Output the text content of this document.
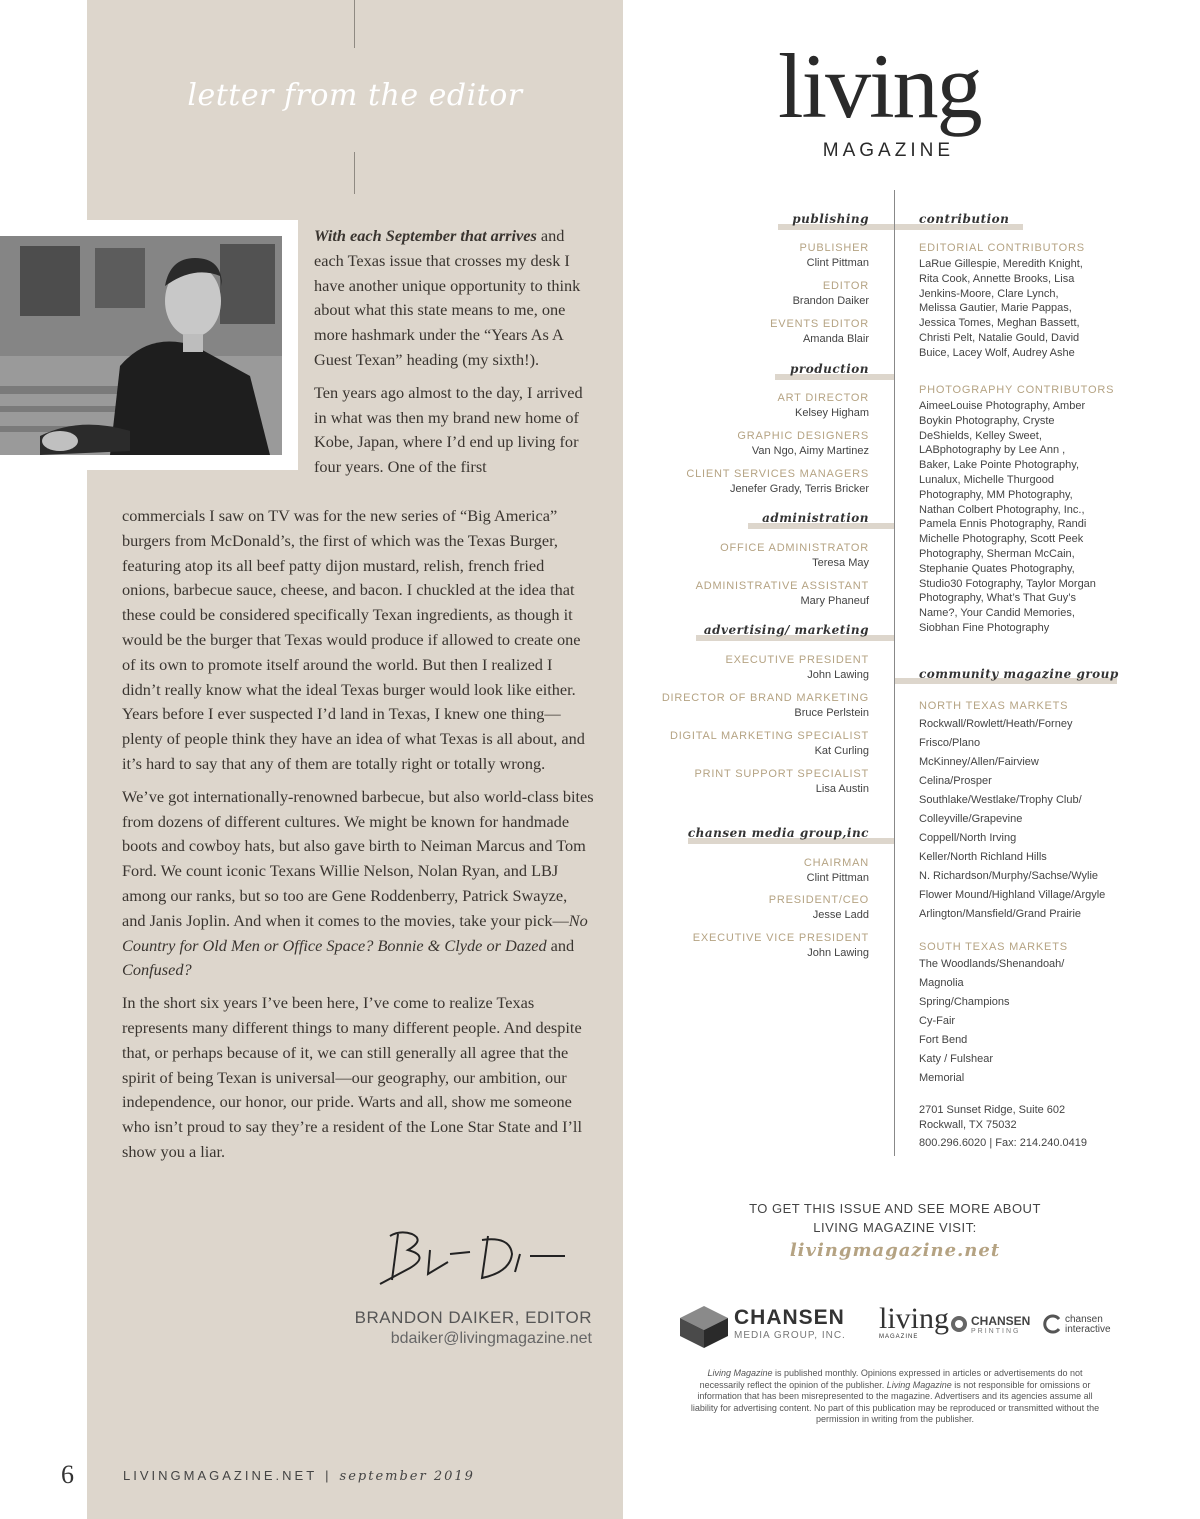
letter from the editor

With each September that arrives and each Texas issue that crosses my desk I have another unique opportunity to think about what this state means to me, one more hashmark under the “Years As A Guest Texan” heading (my sixth!).

Ten years ago almost to the day, I arrived in what was then my brand new home of Kobe, Japan, where I’d end up living for four years. One of the first

commercials I saw on TV was for the new series of “Big America” burgers from McDonald’s, the first of which was the Texas Burger, featuring atop its all beef patty dijon mustard, relish, french fried onions, barbecue sauce, cheese, and bacon. I chuckled at the idea that these could be considered specifically Texan ingredients, as though it would be the burger that Texas would produce if allowed to create one of its own to promote itself around the world. But then I realized I didn’t really know what the ideal Texas burger would look like either. Years before I ever suspected I’d land in Texas, I knew one thing—plenty of people think they have an idea of what Texas is all about, and it’s hard to say that any of them are totally right or totally wrong.

We’ve got internationally-renowned barbecue, but also world-class bites from dozens of different cultures. We might be known for handmade boots and cowboy hats, but also gave birth to Neiman Marcus and Tom Ford. We count iconic Texans Willie Nelson, Nolan Ryan, and LBJ among our ranks, but so too are Gene Roddenberry, Patrick Swayze, and Janis Joplin. And when it comes to the movies, take your pick—No Country for Old Men or Office Space? Bonnie & Clyde or Dazed and Confused?

In the short six years I’ve been here, I’ve come to realize Texas represents many different things to many different people. And despite that, or perhaps because of it, we can still generally all agree that the spirit of being Texan is universal—our geography, our ambition, our independence, our honor, our pride. Warts and all, show me someone who isn’t proud to say they’re a resident of the Lone Star State and I’ll show you a liar.

BRANDON DAIKER, EDITOR
bdaiker@livingmagazine.net
6	LIVINGMAGAZINE.NET | september 2019
living
MAGAZINE
publishing
PUBLISHER
Clint Pittman
EDITOR
Brandon Daiker
EVENTS EDITOR
Amanda Blair
production
ART DIRECTOR
Kelsey Higham
GRAPHIC DESIGNERS
Van Ngo, Aimy Martinez
CLIENT SERVICES MANAGERS
Jenefer Grady, Terris Bricker
administration
OFFICE ADMINISTRATOR
Teresa May
ADMINISTRATIVE ASSISTANT
Mary Phaneuf
advertising/ marketing
EXECUTIVE PRESIDENT
John Lawing
DIRECTOR OF BRAND MARKETING
Bruce Perlstein
DIGITAL MARKETING SPECIALIST
Kat Curling
PRINT SUPPORT SPECIALIST
Lisa Austin
chansen media group,inc
CHAIRMAN
Clint Pittman
PRESIDENT/CEO
Jesse Ladd
EXECUTIVE VICE PRESIDENT
John Lawing
contribution
EDITORIAL CONTRIBUTORS
LaRue Gillespie, Meredith Knight, Rita Cook, Annette Brooks, Lisa Jenkins-Moore, Clare Lynch, Melissa Gautier, Marie Pappas, Jessica Tomes, Meghan Bassett, Christi Pelt, Natalie Gould, David Buice, Lacey Wolf, Audrey Ashe
PHOTOGRAPHY CONTRIBUTORS
AimeeLouise Photography, Amber Boykin Photography, Cryste DeShields, Kelley Sweet, LABphotography by Lee Ann , Baker, Lake Pointe Photography, Lunalux, Michelle Thurgood Photography, MM Photography, Nathan Colbert Photography, Inc., Pamela Ennis Photography, Randi Michelle Photography, Scott Peek Photography, Sherman McCain, Stephanie Quates Photography, Studio30 Fotography, Taylor Morgan Photography, What’s That Guy’s Name?, Your Candid Memories, Siobhan Fine Photography
community magazine group
NORTH TEXAS MARKETS
Rockwall/Rowlett/Heath/Forney
Frisco/Plano
McKinney/Allen/Fairview
Celina/Prosper
Southlake/Westlake/Trophy Club/
Colleyville/Grapevine
Coppell/North Irving
Keller/North Richland Hills
N. Richardson/Murphy/Sachse/Wylie
Flower Mound/Highland Village/Argyle
Arlington/Mansfield/Grand Prairie
SOUTH TEXAS MARKETS
The Woodlands/Shenandoah/
Magnolia
Spring/Champions
Cy-Fair
Fort Bend
Katy / Fulshear
Memorial
2701 Sunset Ridge, Suite 602
Rockwall, TX 75032
800.296.6020 | Fax: 214.240.0419
TO GET THIS ISSUE AND SEE MORE ABOUT
LIVING MAGAZINE VISIT:
livingmagazine.net
CHANSEN
MEDIA GROUP, INC.
living
MAGAZINE
CHANSEN
PRINTING
chansen
interactive
Living Magazine is published monthly. Opinions expressed in articles or advertisements do not necessarily reflect the opinion of the publisher. Living Magazine is not responsible for omissions or information that has been misrepresented to the magazine. Advertisers and its agencies assume all liability for advertising content. No part of this publication may be reproduced or transmitted without the permission in writing from the publisher.
